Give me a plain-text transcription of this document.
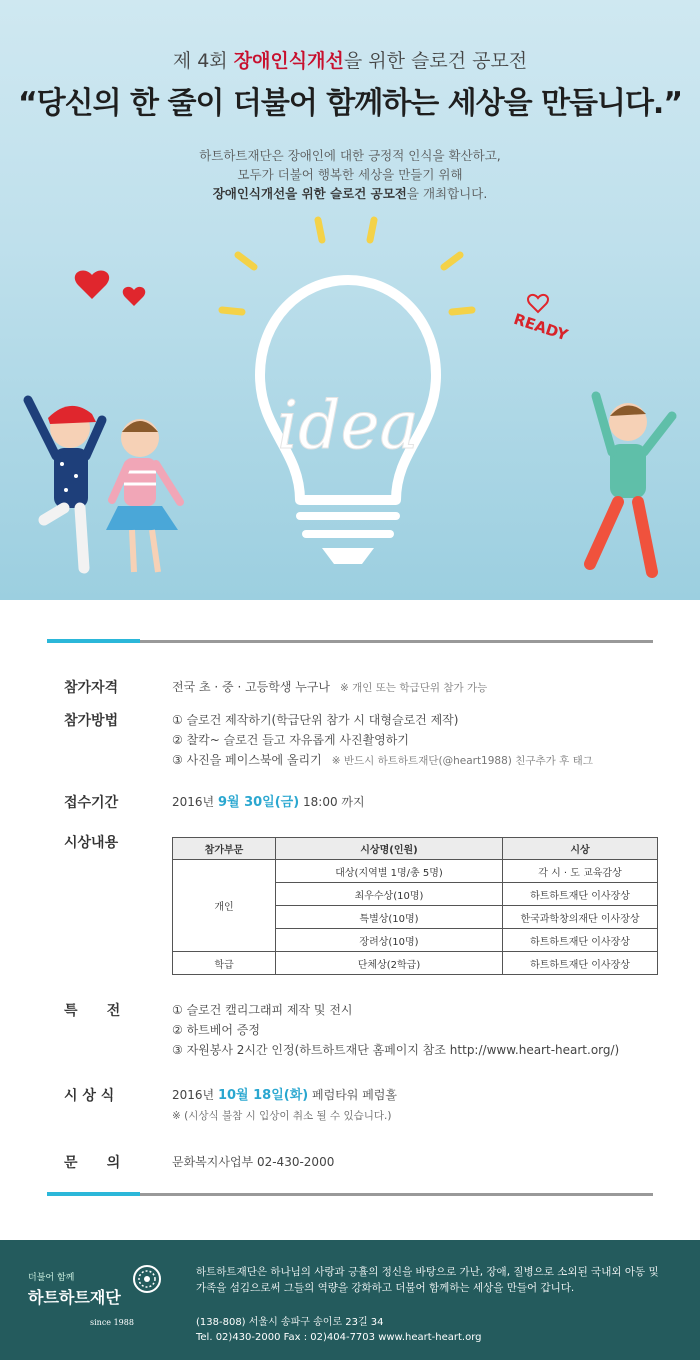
제 4회 장애인식개선을 위한 슬로건 공모전
“당신의 한 줄이 더불어 함께하는 세상을 만듭니다.”
하트하트재단은 장애인에 대한 긍정적 인식을 확산하고,
모두가 더불어 행복한 세상을 만들기 위해
장애인식개선을 위한 슬로건 공모전을 개최합니다.
idea
READY
참가자격	전국 초 · 중 · 고등학생 누구나 ※ 개인 또는 학급단위 참가 가능
참가방법	① 슬로건 제작하기(학급단위 참가 시 대형슬로건 제작)
② 찰칵~ 슬로건 들고 자유롭게 사진촬영하기
③ 사진을 페이스북에 올리기 ※ 반드시 하트하트재단(@heart1988) 친구추가 후 태그
접수기간	2016년 9월 30일(금) 18:00 까지
시상내용	참가부문	시상명(인원)	시상
개인	대상(지역별 1명/총 5명)	각 시 · 도 교육감상
	최우수상(10명)	하트하트재단 이사장상
	특별상(10명)	한국과학창의재단 이사장상
	장려상(10명)	하트하트재단 이사장상
학급	단체상(2학급)	하트하트재단 이사장상
특      전	① 슬로건 캘리그래피 제작 및 전시
② 하트베어 증정
③ 자원봉사 2시간 인정(하트하트재단 홈페이지 참조 http://www.heart-heart.org/)
시 상 식	2016년 10월 18일(화) 페럼타워 페럼홀
※ (시상식 불참 시 입상이 취소 될 수 있습니다.)
문      의	문화복지사업부 02-430-2000
더불어 함께
하트하트재단
since 1988
하트하트재단은 하나님의 사랑과 긍휼의 정신을 바탕으로 가난, 장애, 질병으로 소외된 국내외 아동 및 가족을 섬김으로써 그들의 역량을 강화하고 더불어 함께하는 세상을 만들어 갑니다.
(138-808) 서울시 송파구 송이로 23길 34
Tel. 02)430-2000 Fax : 02)404-7703 www.heart-heart.org
